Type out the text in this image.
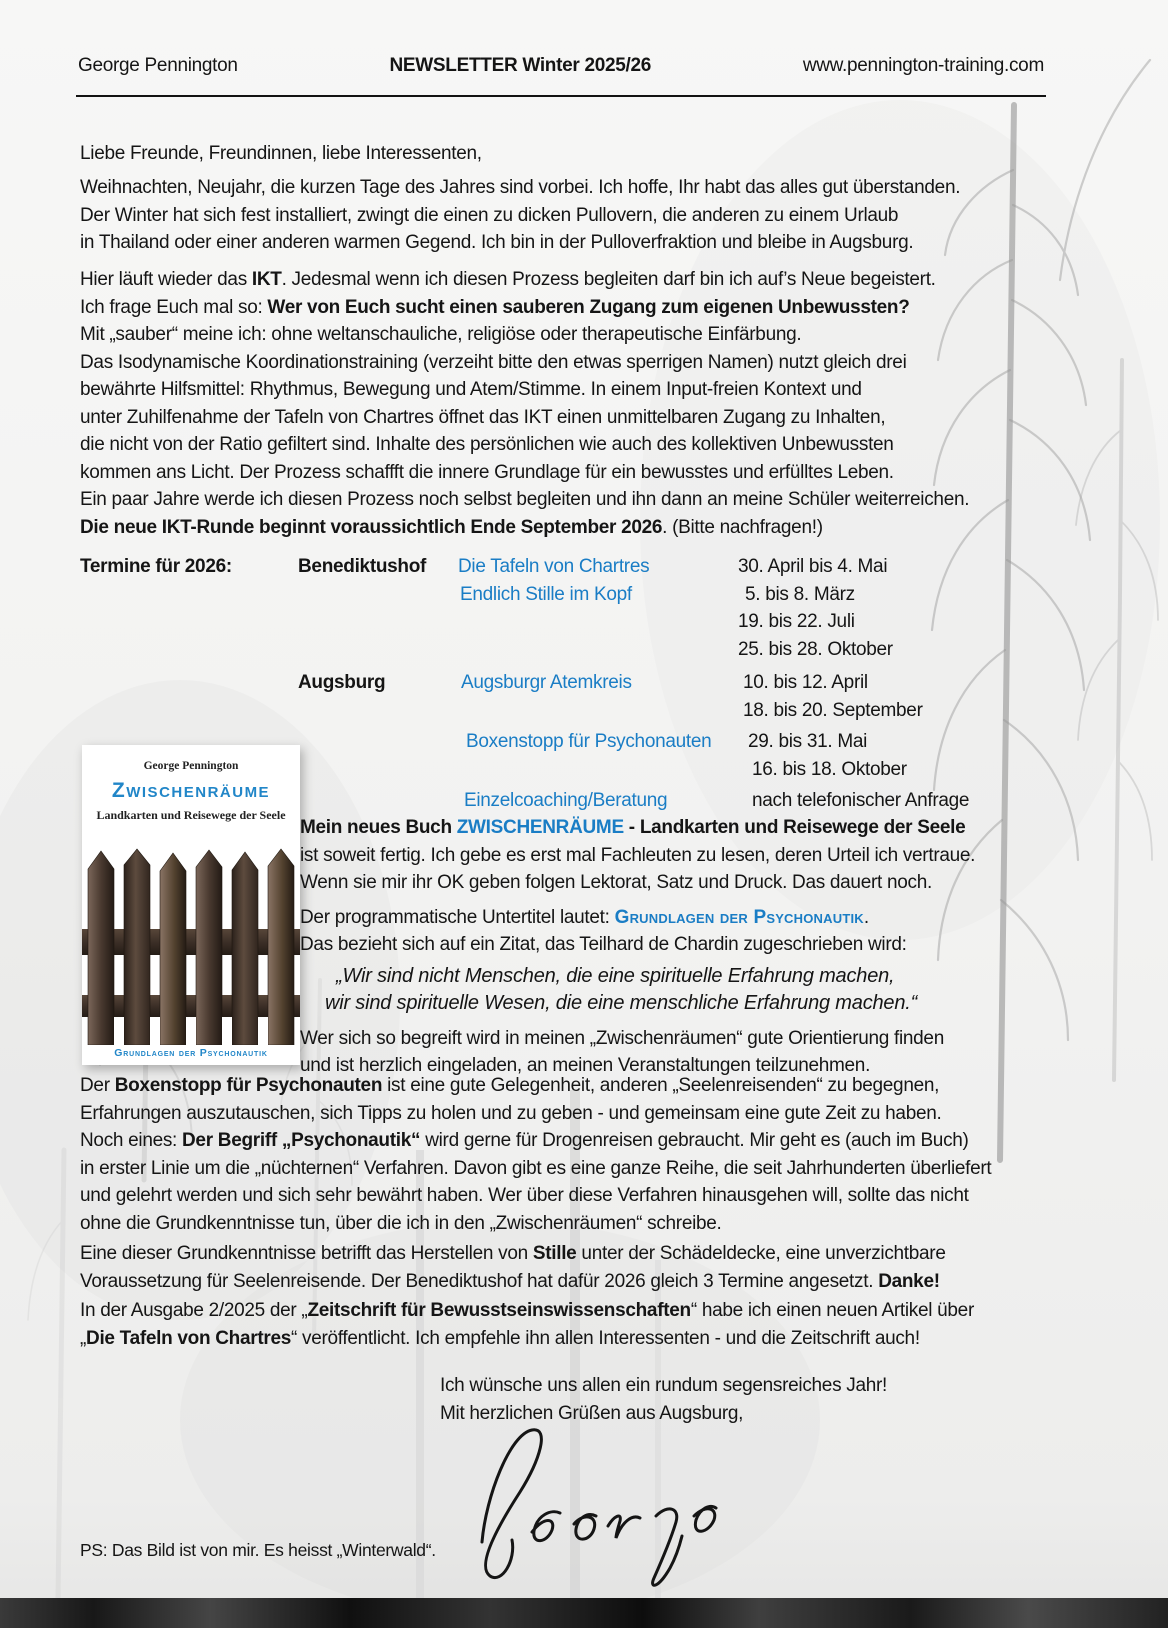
George Pennington	NEWSLETTER Winter 2025/26	www.pennington-training.com
Liebe Freunde, Freundinnen, liebe Interessenten,
Weihnachten, Neujahr, die kurzen Tage des Jahres sind vorbei. Ich hoffe, Ihr habt das alles gut überstanden.
Der Winter hat sich fest installiert, zwingt die einen zu dicken Pullovern, die anderen zu einem Urlaub
in Thailand oder einer anderen warmen Gegend. Ich bin in der Pulloverfraktion und bleibe in Augsburg.
Hier läuft wieder das IKT. Jedesmal wenn ich diesen Prozess begleiten darf bin ich auf’s Neue begeistert.
Ich frage Euch mal so: Wer von Euch sucht einen sauberen Zugang zum eigenen Unbewussten?
Mit „sauber“ meine ich: ohne weltanschauliche, religiöse oder therapeutische Einfärbung.
Das Isodynamische Koordinationstraining (verzeiht bitte den etwas sperrigen Namen) nutzt gleich drei
bewährte Hilfsmittel: Rhythmus, Bewegung und Atem/Stimme. In einem Input-freien Kontext und
unter Zuhilfenahme der Tafeln von Chartres öffnet das IKT einen unmittelbaren Zugang zu Inhalten,
die nicht von der Ratio gefiltert sind. Inhalte des persönlichen wie auch des kollektiven Unbewussten
kommen ans Licht. Der Prozess schaffft die innere Grundlage für ein bewusstes und erfülltes Leben.
Ein paar Jahre werde ich diesen Prozess noch selbst begleiten und ihn dann an meine Schüler weiterreichen.
Die neue IKT-Runde beginnt voraussichtlich Ende September 2026. (Bitte nachfragen!)
Termine für 2026:	Benediktushof Die Tafeln von Chartres	30. April bis 4. Mai
Endlich Stille im Kopf	5. bis 8. März
19. bis 22. Juli
25. bis 28. Oktober
Augsburg	Augsburgr Atemkreis	10. bis 12. April
18. bis 20. September
Boxenstopp für Psychonauten 29. bis 31. Mai
16. bis 18. Oktober
Einzelcoaching/Beratung	nach telefonischer Anfrage
George Pennington
Zwischenräume
Landkarten und Reisewege der Seele
Grundlagen der Psychonautik
Mein neues Buch ZWISCHENRÄUME - Landkarten und Reisewege der Seele
ist soweit fertig. Ich gebe es erst mal Fachleuten zu lesen, deren Urteil ich vertraue.
Wenn sie mir ihr OK geben folgen Lektorat, Satz und Druck. Das dauert noch.
Der programmatische Untertitel lautet: Grundlagen der Psychonautik.
Das bezieht sich auf ein Zitat, das Teilhard de Chardin zugeschrieben wird:
„Wir sind nicht Menschen, die eine spirituelle Erfahrung machen,
wir sind spirituelle Wesen, die eine menschliche Erfahrung machen.“
Wer sich so begreift wird in meinen „Zwischenräumen“ gute Orientierung finden
und ist herzlich eingeladen, an meinen Veranstaltungen teilzunehmen.
Der Boxenstopp für Psychonauten ist eine gute Gelegenheit, anderen „Seelenreisenden“ zu begegnen,
Erfahrungen auszutauschen, sich Tipps zu holen und zu geben - und gemeinsam eine gute Zeit zu haben.
Noch eines: Der Begriff „Psychonautik“ wird gerne für Drogenreisen gebraucht. Mir geht es (auch im Buch)
in erster Linie um die „nüchternen“ Verfahren. Davon gibt es eine ganze Reihe, die seit Jahrhunderten überliefert
und gelehrt werden und sich sehr bewährt haben. Wer über diese Verfahren hinausgehen will, sollte das nicht
ohne die Grundkenntnisse tun, über die ich in den „Zwischenräumen“ schreibe.
Eine dieser Grundkenntnisse betrifft das Herstellen von Stille unter der Schädeldecke, eine unverzichtbare
Voraussetzung für Seelenreisende. Der Benediktushof hat dafür 2026 gleich 3 Termine angesetzt. Danke!
In der Ausgabe 2/2025 der „Zeitschrift für Bewusstseinswissenschaften“ habe ich einen neuen Artikel über
„Die Tafeln von Chartres“ veröffentlicht. Ich empfehle ihn allen Interessenten - und die Zeitschrift auch!
Ich wünsche uns allen ein rundum segensreiches Jahr!
Mit herzlichen Grüßen aus Augsburg,
PS: Das Bild ist von mir. Es heisst „Winterwald“.
